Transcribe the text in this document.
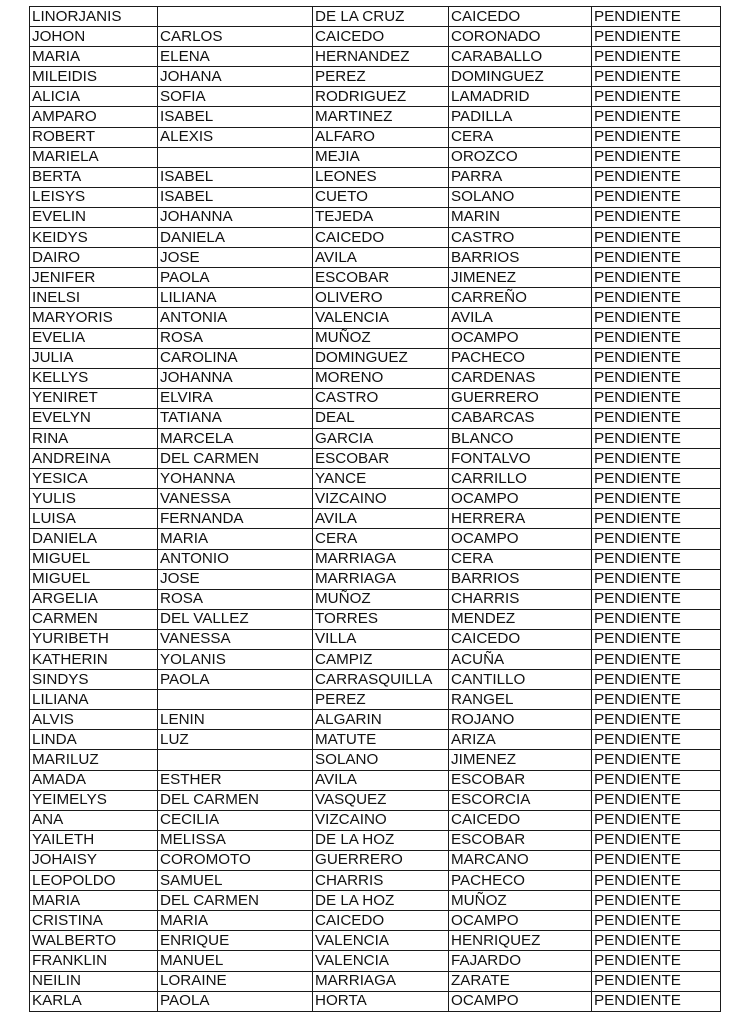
LINORJANIS		DE LA CRUZ	CAICEDO	PENDIENTE
JOHON	CARLOS	CAICEDO	CORONADO	PENDIENTE
MARIA	ELENA	HERNANDEZ	CARABALLO	PENDIENTE
MILEIDIS	JOHANA	PEREZ	DOMINGUEZ	PENDIENTE
ALICIA	SOFIA	RODRIGUEZ	LAMADRID	PENDIENTE
AMPARO	ISABEL	MARTINEZ	PADILLA	PENDIENTE
ROBERT	ALEXIS	ALFARO	CERA	PENDIENTE
MARIELA		MEJIA	OROZCO	PENDIENTE
BERTA	ISABEL	LEONES	PARRA	PENDIENTE
LEISYS	ISABEL	CUETO	SOLANO	PENDIENTE
EVELIN	JOHANNA	TEJEDA	MARIN	PENDIENTE
KEIDYS	DANIELA	CAICEDO	CASTRO	PENDIENTE
DAIRO	JOSE	AVILA	BARRIOS	PENDIENTE
JENIFER	PAOLA	ESCOBAR	JIMENEZ	PENDIENTE
INELSI	LILIANA	OLIVERO	CARREÑO	PENDIENTE
MARYORIS	ANTONIA	VALENCIA	AVILA	PENDIENTE
EVELIA	ROSA	MUÑOZ	OCAMPO	PENDIENTE
JULIA	CAROLINA	DOMINGUEZ	PACHECO	PENDIENTE
KELLYS	JOHANNA	MORENO	CARDENAS	PENDIENTE
YENIRET	ELVIRA	CASTRO	GUERRERO	PENDIENTE
EVELYN	TATIANA	DEAL	CABARCAS	PENDIENTE
RINA	MARCELA	GARCIA	BLANCO	PENDIENTE
ANDREINA	DEL CARMEN	ESCOBAR	FONTALVO	PENDIENTE
YESICA	YOHANNA	YANCE	CARRILLO	PENDIENTE
YULIS	VANESSA	VIZCAINO	OCAMPO	PENDIENTE
LUISA	FERNANDA	AVILA	HERRERA	PENDIENTE
DANIELA	MARIA	CERA	OCAMPO	PENDIENTE
MIGUEL	ANTONIO	MARRIAGA	CERA	PENDIENTE
MIGUEL	JOSE	MARRIAGA	BARRIOS	PENDIENTE
ARGELIA	ROSA	MUÑOZ	CHARRIS	PENDIENTE
CARMEN	DEL VALLEZ	TORRES	MENDEZ	PENDIENTE
YURIBETH	VANESSA	VILLA	CAICEDO	PENDIENTE
KATHERIN	YOLANIS	CAMPIZ	ACUÑA	PENDIENTE
SINDYS	PAOLA	CARRASQUILLA	CANTILLO	PENDIENTE
LILIANA		PEREZ	RANGEL	PENDIENTE
ALVIS	LENIN	ALGARIN	ROJANO	PENDIENTE
LINDA	LUZ	MATUTE	ARIZA	PENDIENTE
MARILUZ		SOLANO	JIMENEZ	PENDIENTE
AMADA	ESTHER	AVILA	ESCOBAR	PENDIENTE
YEIMELYS	DEL CARMEN	VASQUEZ	ESCORCIA	PENDIENTE
ANA	CECILIA	VIZCAINO	CAICEDO	PENDIENTE
YAILETH	MELISSA	DE LA HOZ	ESCOBAR	PENDIENTE
JOHAISY	COROMOTO	GUERRERO	MARCANO	PENDIENTE
LEOPOLDO	SAMUEL	CHARRIS	PACHECO	PENDIENTE
MARIA	DEL CARMEN	DE LA HOZ	MUÑOZ	PENDIENTE
CRISTINA	MARIA	CAICEDO	OCAMPO	PENDIENTE
WALBERTO	ENRIQUE	VALENCIA	HENRIQUEZ	PENDIENTE
FRANKLIN	MANUEL	VALENCIA	FAJARDO	PENDIENTE
NEILIN	LORAINE	MARRIAGA	ZARATE	PENDIENTE
KARLA	PAOLA	HORTA	OCAMPO	PENDIENTE
